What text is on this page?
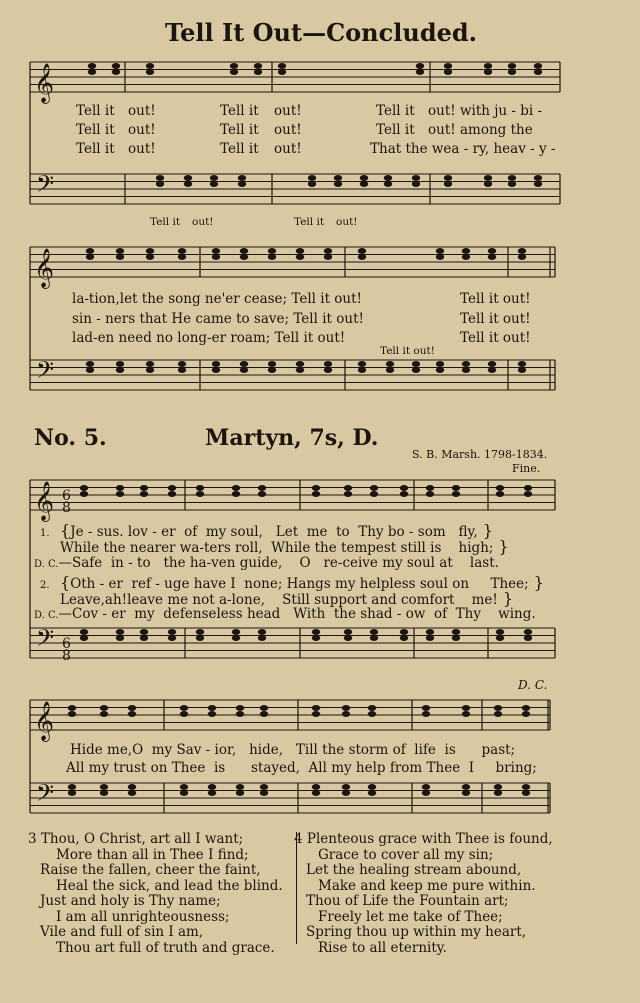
Tell It Out—Concluded.
𝄞
𝄢
𝄞
𝄢
𝄞
𝄢
6
8
6
8
𝄞
𝄢
Tell it out!	Tell it out!	Tell it out! with ju - bi -
Tell it out!	Tell it out!	Tell it out! among the
Tell it out!	Tell it out!	That the wea - ry, heav - y -
Tell it out!	Tell it out!
la-tion,let the song ne'er cease; Tell it out!	Tell it out!
sin - ners that He came to save; Tell it out!	Tell it out!
lad-en need no long-er roam; Tell it out!	Tell it out!
Tell it out!
No. 5.	Martyn, 7s, D.
S. B. Marsh. 1798-1834.
Fine.
1. {Je - sus. lov - er  of  my soul,   Let  me  to  Thy bo - som   fly, }
While the nearer wa-ters roll,  While the tempest still is    high; }
D. C.—Safe  in - to   the ha-ven guide,    O   re-ceive my soul at    last.
2. {Oth - er  ref - uge have I  none; Hangs my helpless soul on     Thee; }
Leave,ah!leave me not a-lone,    Still support and comfort    me! }
D. C.—Cov - er  my  defenseless head   With  the shad - ow  of  Thy    wing.
D. C.
Hide me,O  my Sav - ior,   hide,   Till the storm of  life  is      past;
All my trust on Thee  is      stayed,  All my help from Thee  I     bring;
3 Thou, O Christ, art all I want;
More than all in Thee I find;
Raise the fallen, cheer the faint,
Heal the sick, and lead the blind.
Just and holy is Thy name;
I am all unrighteousness;
Vile and full of sin I am,
Thou art full of truth and grace.
4 Plenteous grace with Thee is found,
Grace to cover all my sin;
Let the healing stream abound,
Make and keep me pure within.
Thou of Life the Fountain art;
Freely let me take of Thee;
Spring thou up within my heart,
Rise to all eternity.
